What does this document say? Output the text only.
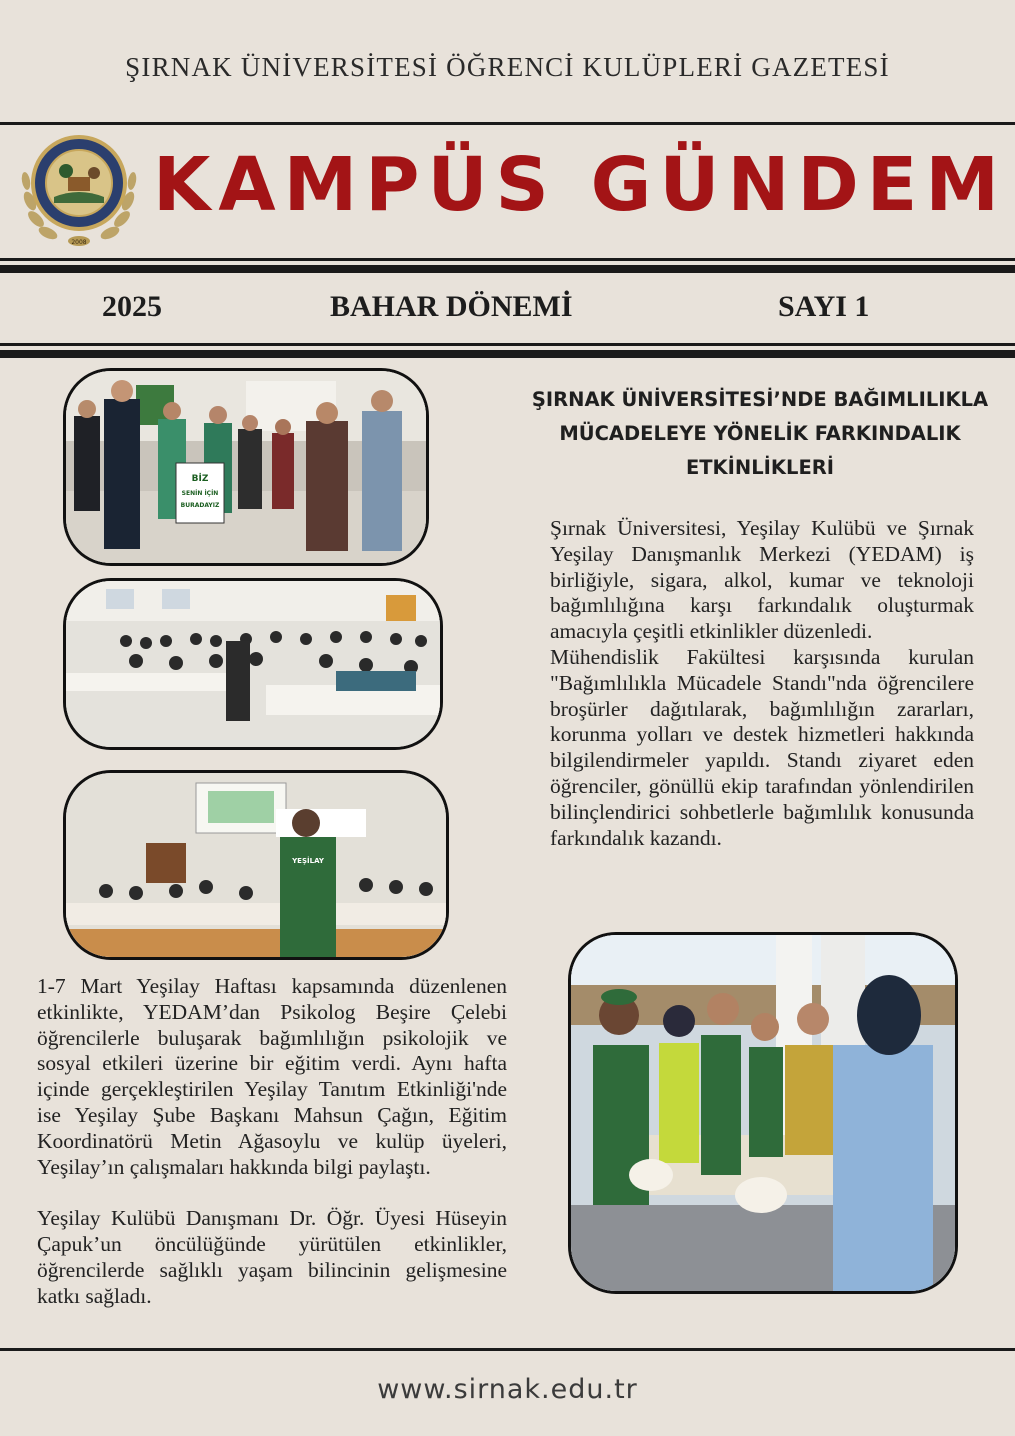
ŞIRNAK ÜNİVERSİTESİ ÖĞRENCİ KULÜPLERİ GAZETESİ
2008
KAMPÜS GÜNDEM
2025	BAHAR DÖNEMİ	SAYI 1
BİZ
SENİN İÇİN
BURADAYIZ
YEŞİLAY
ŞIRNAK ÜNİVERSİTESİ’NDE BAĞIMLILIKLA MÜCADELEYE YÖNELİK FARKINDALIK ETKİNLİKLERİ

Şırnak Üniversitesi, Yeşilay Kulübü ve Şırnak Yeşilay Danışmanlık Merkezi (YEDAM) iş birliğiyle, sigara, alkol, kumar ve teknoloji bağımlılığına karşı farkındalık oluşturmak amacıyla çeşitli etkinlikler düzenledi.

Mühendislik Fakültesi karşısında kurulan "Bağımlılıkla Mücadele Standı"nda öğrencilere broşürler dağıtılarak, bağımlılığın zararları, korunma yolları ve destek hizmetleri hakkında bilgilendirmeler yapıldı. Standı ziyaret eden öğrenciler, gönüllü ekip tarafından yönlendirilen bilinçlendirici sohbetlerle bağımlılık konusunda farkındalık kazandı.

1-7 Mart Yeşilay Haftası kapsamında düzenlenen etkinlikte, YEDAM’dan Psikolog Beşire Çelebi öğrencilerle buluşarak bağımlılığın psikolojik ve sosyal etkileri üzerine bir eğitim verdi. Aynı hafta içinde gerçekleştirilen Yeşilay Tanıtım Etkinliği'nde ise Yeşilay Şube Başkanı Mahsun Çağın, Eğitim Koordinatörü Metin Ağasoylu ve kulüp üyeleri, Yeşilay’ın çalışmaları hakkında bilgi paylaştı.

Yeşilay Kulübü Danışmanı Dr. Öğr. Üyesi Hüseyin Çapuk’un öncülüğünde yürütülen etkinlikler, öğrencilerde sağlıklı yaşam bilincinin gelişmesine katkı sağladı.

www.sirnak.edu.tr
